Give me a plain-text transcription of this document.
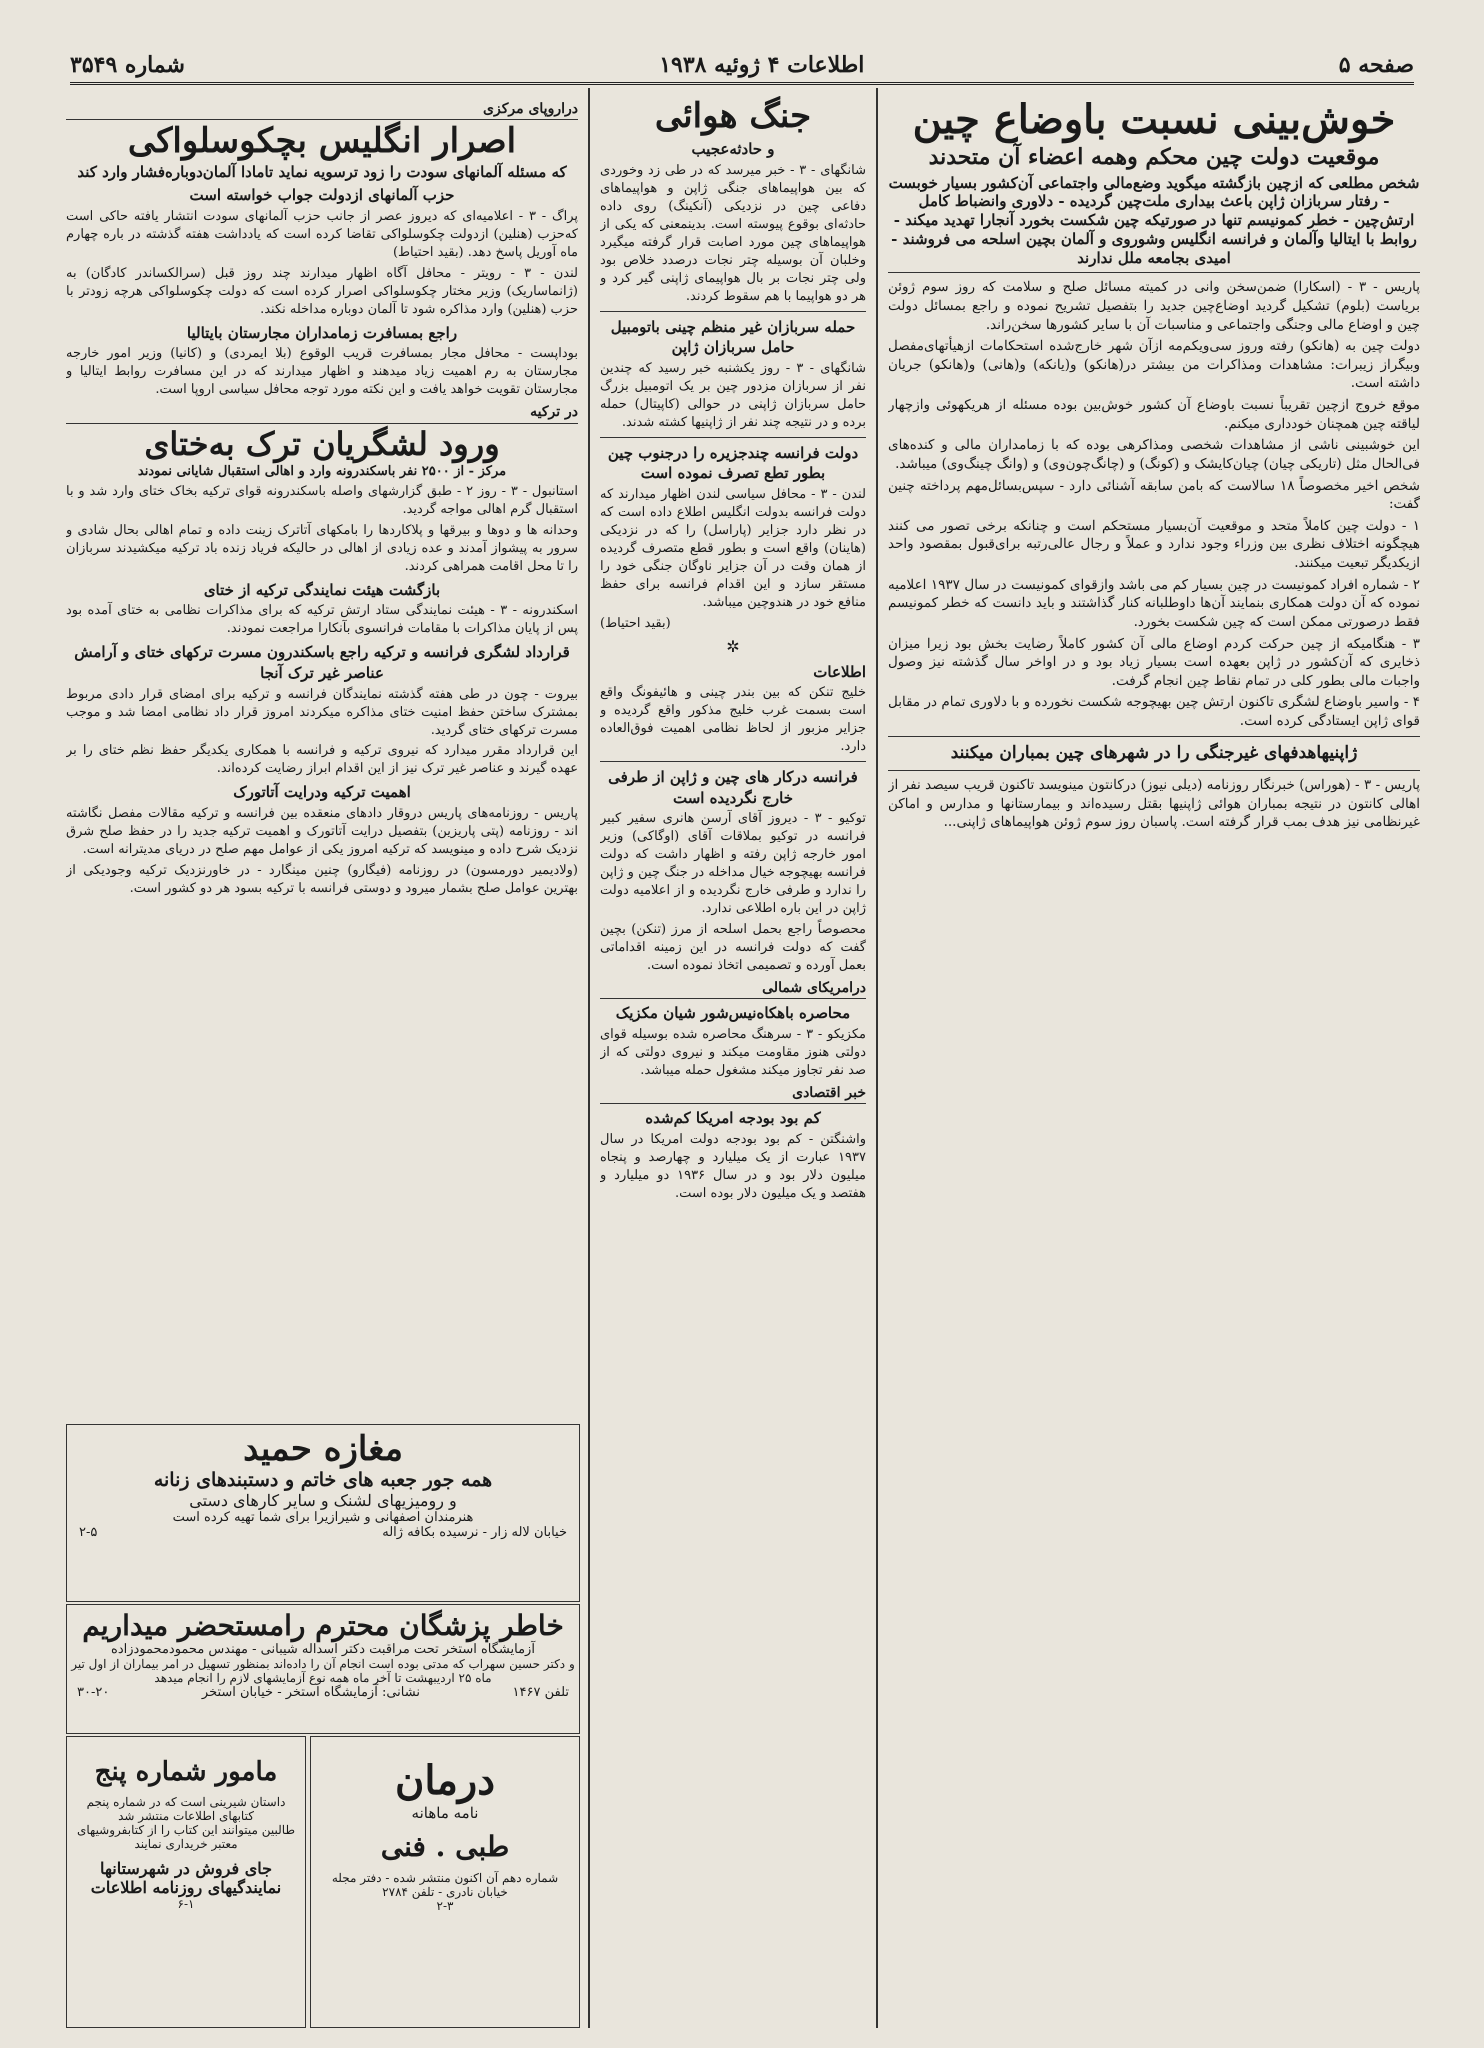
صفحه ۵
اطلاعات ۴ ژوئیه ۱۹۳۸
شماره ۳۵۴۹
خوش‌بینی نسبت باوضاع چین
موقعیت دولت چین محکم وهمه اعضاء آن متحدند

شخص مطلعی که ازچین بازگشته میگوید وضع‌مالی واجتماعی آن‌کشور بسیار خوبست - رفتار سربازان ژاپن باعث بیداری ملت‌چین گردیده - دلاوری وانضباط کامل ارتش‌چین - خطر کمونیسم تنها در صورتیکه چین شکست بخورد آنجارا تهدید میکند - روابط با ایتالیا وآلمان و فرانسه انگلیس وشوروی و آلمان بچین اسلحه می فروشند - امیدی بجامعه ملل ندارند

پاریس - ۳ - (اسکارا) ضمن‌سخن وانی در کمیته مسائل صلح و سلامت که روز سوم ژوئن بریاست (بلوم) تشکیل گردید اوضاع‌چین جدید را بتفصیل تشریح نموده و راجع بمسائل دولت چین و اوضاع مالی وجنگی واجتماعی و مناسبات آن با سایر کشورها سخن‌راند.

دولت چین به (هانکو) رفته وروز سی‌ویکم‌مه ازآن شهر خارج‌شده استحکامات ازهیأتهای‌مفصل وبیگراز زیبرات: مشاهدات ومذاکرات من بیشتر در(هانکو) و(یانکه) و(هانی) و(هانکو) جریان داشته است.

موقع خروج ازچین تقریباً نسبت باوضاع آن کشور خوش‌بین بوده مسئله از هریکهوئی وازچهار لیاقته چین همچنان خودداری میکنم.

این خوشبینی ناشی از مشاهدات شخصی ومذاکرهی بوده که با زمامداران مالی و کنده‌های فی‌الحال مثل (تاریکی چیان) چیان‌کایشک و (کونگ) و (چانگ‌چون‌وی) و (وانگ چینگ‌وی) میباشد.

شخص اخیر مخصوصاً ۱۸ سالاست که بامن سابقه آشنائی دارد - سپس‌بسائل‌مهم پرداخته چنین گفت:

۱ - دولت چین کاملاً متحد و موقعیت آن‌بسیار مستحکم است و چنانکه برخی تصور می کنند هیچگونه اختلاف نظری بین وزراء وجود ندارد و عملاً و رجال عالی‌رتبه برای‌قبول بمقصود واحد ازیکدیگر تبعیت میکنند.

۲ - شماره افراد کمونیست در چین بسیار کم می باشد وازقوای کمونیست در سال ۱۹۳۷ اعلامیه نموده که آن دولت همکاری بنمایند آن‌ها داوطلبانه کنار گذاشتند و باید دانست که خطر کمونیسم فقط درصورتی ممکن است که چین شکست بخورد.

۳ - هنگامیکه از چین حرکت کردم اوضاع مالی آن کشور کاملاً رضایت بخش بود زیرا میزان ذخایری که آن‌کشور در ژاپن بعهده است بسیار زیاد بود و در اواخر سال گذشته نیز وصول واجبات مالی بطور کلی در تمام نقاط چین انجام گرفت.

۴ - واسیر باوضاع لشگری تاکنون ارتش چین بهیچوجه شکست نخورده و با دلاوری تمام در مقابل قوای ژاپن ایستادگی کرده است.

ژاپنیها‌هدفهای غیرجنگی را در شهرهای چین بمباران میکنند

پاریس - ۳ - (هوراس) خبرنگار روزنامه (دیلی نیوز) درکانتون مینویسد تاکنون قریب سیصد نفر از اهالی کانتون در نتیجه بمباران هوائی ژاپنیها بقتل رسیده‌اند و بیمارستانها و مدارس و اماکن غیرنظامی نیز هدف بمب قرار گرفته است. پاسبان روز سوم ژوئن هواپیماهای ژاپنی...

جنگ هوائی
و حادثه‌عجیب

شانگهای - ۳ - خبر میرسد که در طی زد وخوردی که بین هواپیماهای جنگی ژاپن و هواپیماهای دفاعی چین در نزدیکی (آنکینگ) روی داده حادثه‌ای بوقوع پیوسته است. بدینمعنی که یکی از هواپیماهای چین مورد اصابت قرار گرفته میگیرد وخلبان آن بوسیله چتر نجات درصدد خلاص بود ولی چتر نجات بر بال هواپیمای ژاپنی گیر کرد و هر دو هواپیما با هم سقوط کردند.

حمله سربازان غیر منظم چینی باتومبیل حامل سربازان ژاپن

شانگهای - ۳ - روز یکشنبه خبر رسید که چندین نفر از سربازان مزدور چین بر یک اتومبیل بزرگ حامل سربازان ژاپنی در حوالی (کاپیتال) حمله برده و در نتیجه چند نفر از ژاپنیها کشته شدند.

دولت فرانسه چندجزیره را درجنوب چین بطور تطع تصرف نموده است

لندن - ۳ - محافل سیاسی لندن اظهار میدارند که دولت فرانسه بدولت انگلیس اطلاع داده است که در نظر دارد جزایر (پاراسل) را که در نزدیکی (هاینان) واقع است و بطور قطع متصرف گردیده از همان وقت در آن جزایر ناوگان جنگی خود را مستقر سازد و این اقدام فرانسه برای حفظ منافع خود در هندوچین میباشد.

(بقید احتیاط)

✲
اطلاعات

خلیج تنکن که بین بندر چینی و هائیفونگ واقع است بسمت غرب خلیج مذکور واقع گردیده و جزایر مزبور از لحاظ نظامی اهمیت فوق‌العاده دارد.

فرانسه درکار های چین و ژاپن از طرفی خارج نگردیده است

توکیو - ۳ - دیروز آقای آرسن هانری سفیر کبیر فرانسه در توکیو بملاقات آقای (اوگاکی) وزیر امور خارجه ژاپن رفته و اظهار داشت که دولت فرانسه بهیچوجه خیال مداخله در جنگ چین و ژاپن را ندارد و طرفی خارج نگردیده و از اعلامیه دولت ژاپن در این باره اطلاعی ندارد.

محصوصاً راجع بحمل اسلحه از مرز (تنکن) بچین گفت که دولت فرانسه در این زمینه اقداماتی بعمل آورده و تصمیمی اتخاذ نموده است.

درامریکای شمالی
محاصره باهکاه‌نیس‌شور شیان مکزیک

مکزیکو - ۳ - سرهنگ محاصره شده بوسیله قوای دولتی هنوز مقاومت میکند و نیروی دولتی که از صد نفر تجاوز میکند مشغول حمله میباشد.

خبر اقتصادی
کم بود بودجه امریکا کم‌شده

واشنگتن - کم بود بودجه دولت امریکا در سال ۱۹۳۷ عبارت از یک میلیارد و چهارصد و پنجاه میلیون دلار بود و در سال ۱۹۳۶ دو میلیارد و هفتصد و یک میلیون دلار بوده است.

دراروپای مرکزی
اصرار انگلیس بچکوسلواکی
که مسئله آلمانهای سودت را زود ترسویه نماید تاما‌دا آلمان‌دوباره‌فشار وارد کند
حزب آلمانها‌ی ازدولت جواب خواسته است

پراگ - ۳ - اعلامیه‌ای که دیروز عصر از جانب حزب آلمانهای سودت انتشار یافته حاکی است که‌حزب (هنلین) ازدولت چکوسلواکی تقاضا کرده است که یادداشت هفته گذشته در باره چهارم ماه آوریل پاسخ دهد. (بقید احتیاط)

لندن - ۳ - رویتر - محافل آگاه اظهار میدارند چند روز قبل (سرالکساندر کادگان) به (ژانماساریک) وزیر مختار چکوسلواکی اصرار کرده است که دولت چکوسلواکی هرچه زودتر با حزب (هنلین) وارد مذاکره شود تا آلمان دوباره مداخله نکند.

راجع بمسافرت زمامداران مجارستان بایتالیا

بوداپست - محافل مجار بمسافرت قریب الوقوع (بلا ایمردی) و (کانیا) وزیر امور خارجه مجارستان به رم اهمیت زیاد میدهند و اظهار میدارند که در این مسافرت روابط ایتالیا و مجارستان تقویت خواهد یافت و این نکته مورد توجه محافل سیاسی اروپا است.

در ترکیه
ورود لشگریان ترک به‌ختای

مرکز - از ۲۵۰۰ نفر باسکندرونه وارد و اهالی استقبال شایانی نمودند

استانبول - ۳ - روز ۲ - طبق گزارشهای واصله باسکندرونه قوای ترکیه بخاک ختای وارد شد و با استقبال گرم اهالی مواجه گردید.

وحدانه ها و دوها و بیرقها و پلاکاردها را بامکهای آتاترک زینت داده و تمام اهالی بحال شادی و سرور به پیشواز آمدند و عده زیادی از اهالی در حالیکه فریاد زنده باد ترکیه میکشیدند سربازان را تا محل اقامت همراهی کردند.

بازگشت هیئت نمایندگی ترکیه از ختای

اسکندرونه - ۳ - هیئت نمایندگی ستاد ارتش ترکیه که برای مذاکرات نظامی به ختای آمده بود پس از پایان مذاکرات با مقامات فرانسوی بآنکارا مراجعت نمودند.

قرارداد لشگری فرانسه و ترکیه راجع باسکندرون مسرت ترکهای ختای و آرامش عناصر غیر ترک آنجا

بیروت - چون در طی هفته گذشته نمایندگان فرانسه و ترکیه برای امضای قرار دادی مربوط بمشترک ساختن حفظ امنیت ختای مذاکره میکردند امروز قرار داد نظامی امضا شد و موجب مسرت ترکهای ختای گردید.

این قرارداد مقرر میدارد که نیروی ترکیه و فرانسه با همکاری یکدیگر حفظ نظم ختای را بر عهده گیرند و عناصر غیر ترک نیز از این اقدام ابراز رضایت کرده‌اند.

اهمیت ترکیه ودرایت آتاتورک

پاریس - روزنامه‌های پاریس دروقار دادهای منعقده بین فرانسه و ترکیه مقالات مفصل نگاشته اند - روزنامه (پتی پاریزین) بتفصیل درایت آتاتورک و اهمیت ترکیه جدید را در حفظ صلح شرق نزدیک شرح داده و مینویسد که ترکیه امروز یکی از عوامل مهم صلح در دریای مدیترانه است.

(ولادیمیر دورمسون) در روزنامه (فیگارو) چنین مینگارد - در خاورنزدیک ترکیه وجودیکی از بهترین عوامل صلح بشمار میرود و دوستی فرانسه با ترکیه بسود هر دو کشور است.

مغازه حمید
همه جور جعبه های خاتم و دستبندهای زنانه
و رومیزیهای لشنک و سایر کارهای دستی
هنرمندان اصفهانی و شیرازیرا برای شما تهیه کرده است
خیابان لاله زار - نرسیده بکافه ژاله
۲-۵
خاطر پزشگان محترم رامستحضر میداریم
آزمایشگاه استخر تحت مراقبت دکتر اسداله شیبانی - مهندس محمودمحمودزاده
و دکتر حسین سهراب که مدتی بوده است انجام آن را داده‌اند بمنظور تسهیل در امر بیماران از اول تیر ماه ۲۵ اردیبهشت تا آخر ماه همه نوع آزمایشهای لازم را انجام میدهد
تلفن ۱۴۶۷
نشانی: آزمایشگاه استخر - خیابان استخر
۳۰-۲۰
درمان
نامه ماهانه
طبی . فنی
شماره دهم آن اکنون منتشر شده - دفتر مجله خیابان نادری - تلفن ۲۷۸۴
۲-۳
مامور شماره پنج
داستان شیرینی است که در شماره پنجم کتابهای اطلاعات منتشر شد
طالبین میتوانند این کتاب را از کتابفروشیهای معتبر خریداری نمایند
جای فروش در شهرستانها نمایندگیهای روزنامه اطلاعات
۶-۱
